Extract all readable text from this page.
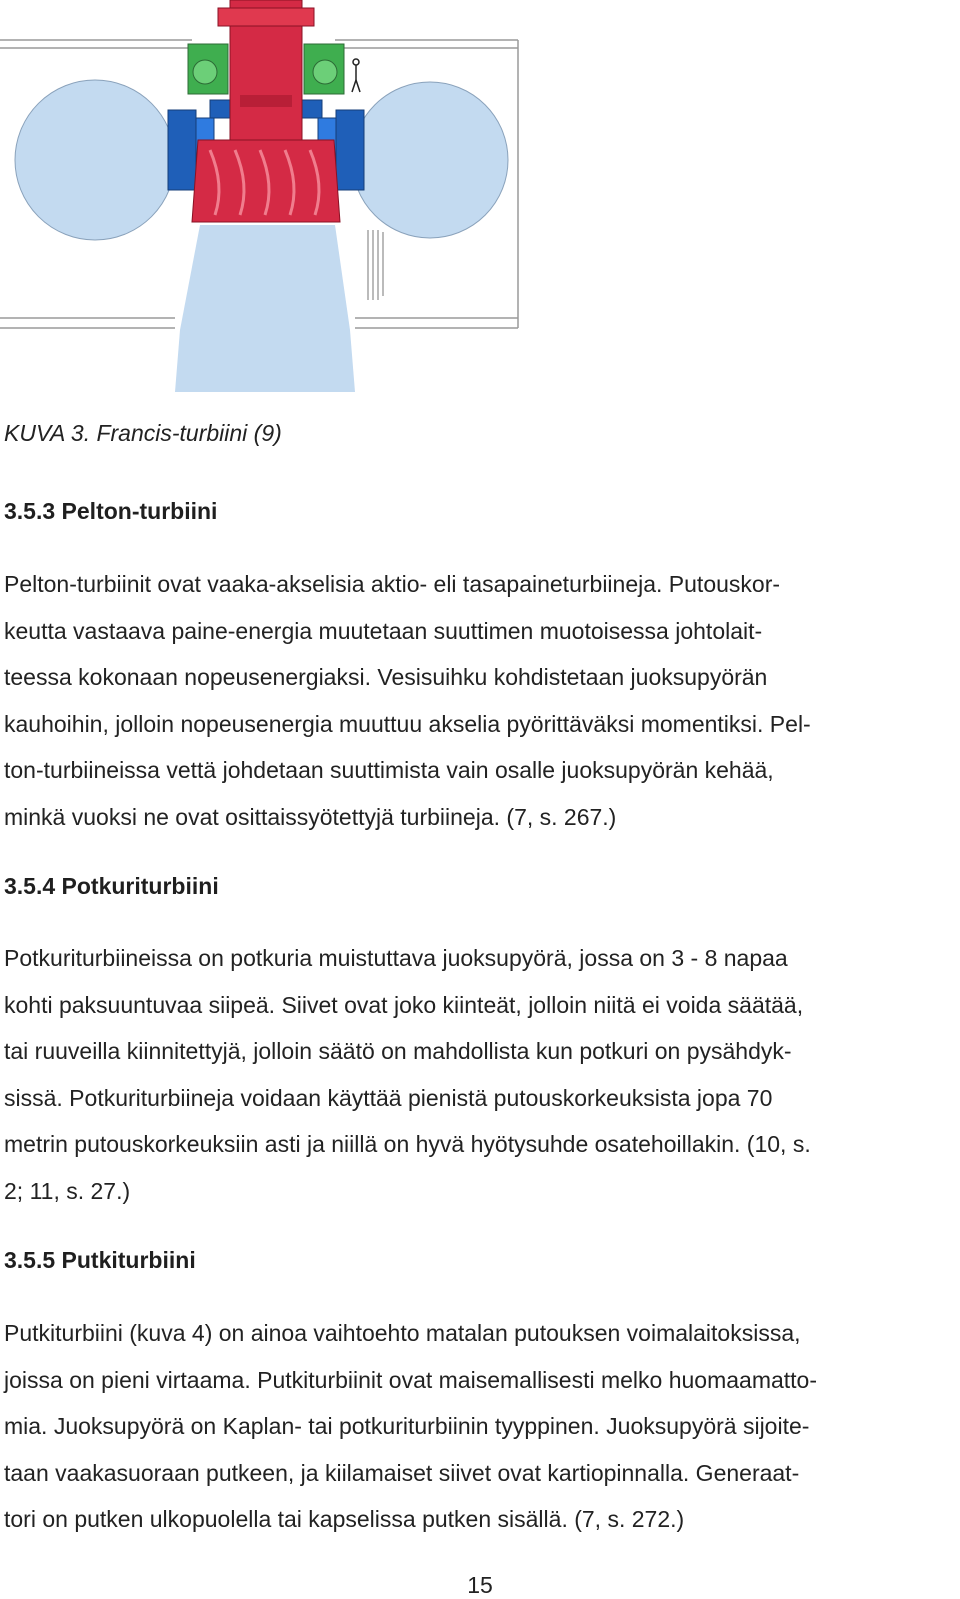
KUVA 3. Francis-turbiini (9)

3.5.3 Pelton-turbiini

Pelton-turbiinit ovat vaaka-akselisia aktio- eli tasapaineturbiineja. Putouskor-
keutta vastaava paine-energia muutetaan suuttimen muotoisessa johtolait-
teessa kokonaan nopeusenergiaksi. Vesisuihku kohdistetaan juoksupyörän
kauhoihin, jolloin nopeusenergia muuttuu akselia pyörittäväksi momentiksi. Pel-
ton-turbiineissa vettä johdetaan suuttimista vain osalle juoksupyörän kehää,
minkä vuoksi ne ovat osittaissyötettyjä turbiineja. (7, s. 267.)

3.5.4 Potkuriturbiini

Potkuriturbiineissa on potkuria muistuttava juoksupyörä, jossa on 3 - 8 napaa
kohti paksuuntuvaa siipeä. Siivet ovat joko kiinteät, jolloin niitä ei voida säätää,
tai ruuveilla kiinnitettyjä, jolloin säätö on mahdollista kun potkuri on pysähdyk-
sissä. Potkuriturbiineja voidaan käyttää pienistä putouskorkeuksista jopa 70
metrin putouskorkeuksiin asti ja niillä on hyvä hyötysuhde osatehoillakin. (10, s.
2; 11, s. 27.)

3.5.5 Putkiturbiini

Putkiturbiini (kuva 4) on ainoa vaihtoehto matalan putouksen voimalaitoksissa,
joissa on pieni virtaama. Putkiturbiinit ovat maisemallisesti melko huomaamatto-
mia. Juoksupyörä on Kaplan- tai potkuriturbiinin tyyppinen. Juoksupyörä sijoite-
taan vaakasuoraan putkeen, ja kiilamaiset siivet ovat kartiopinnalla. Generaat-
tori on putken ulkopuolella tai kapselissa putken sisällä. (7, s. 272.)

15
